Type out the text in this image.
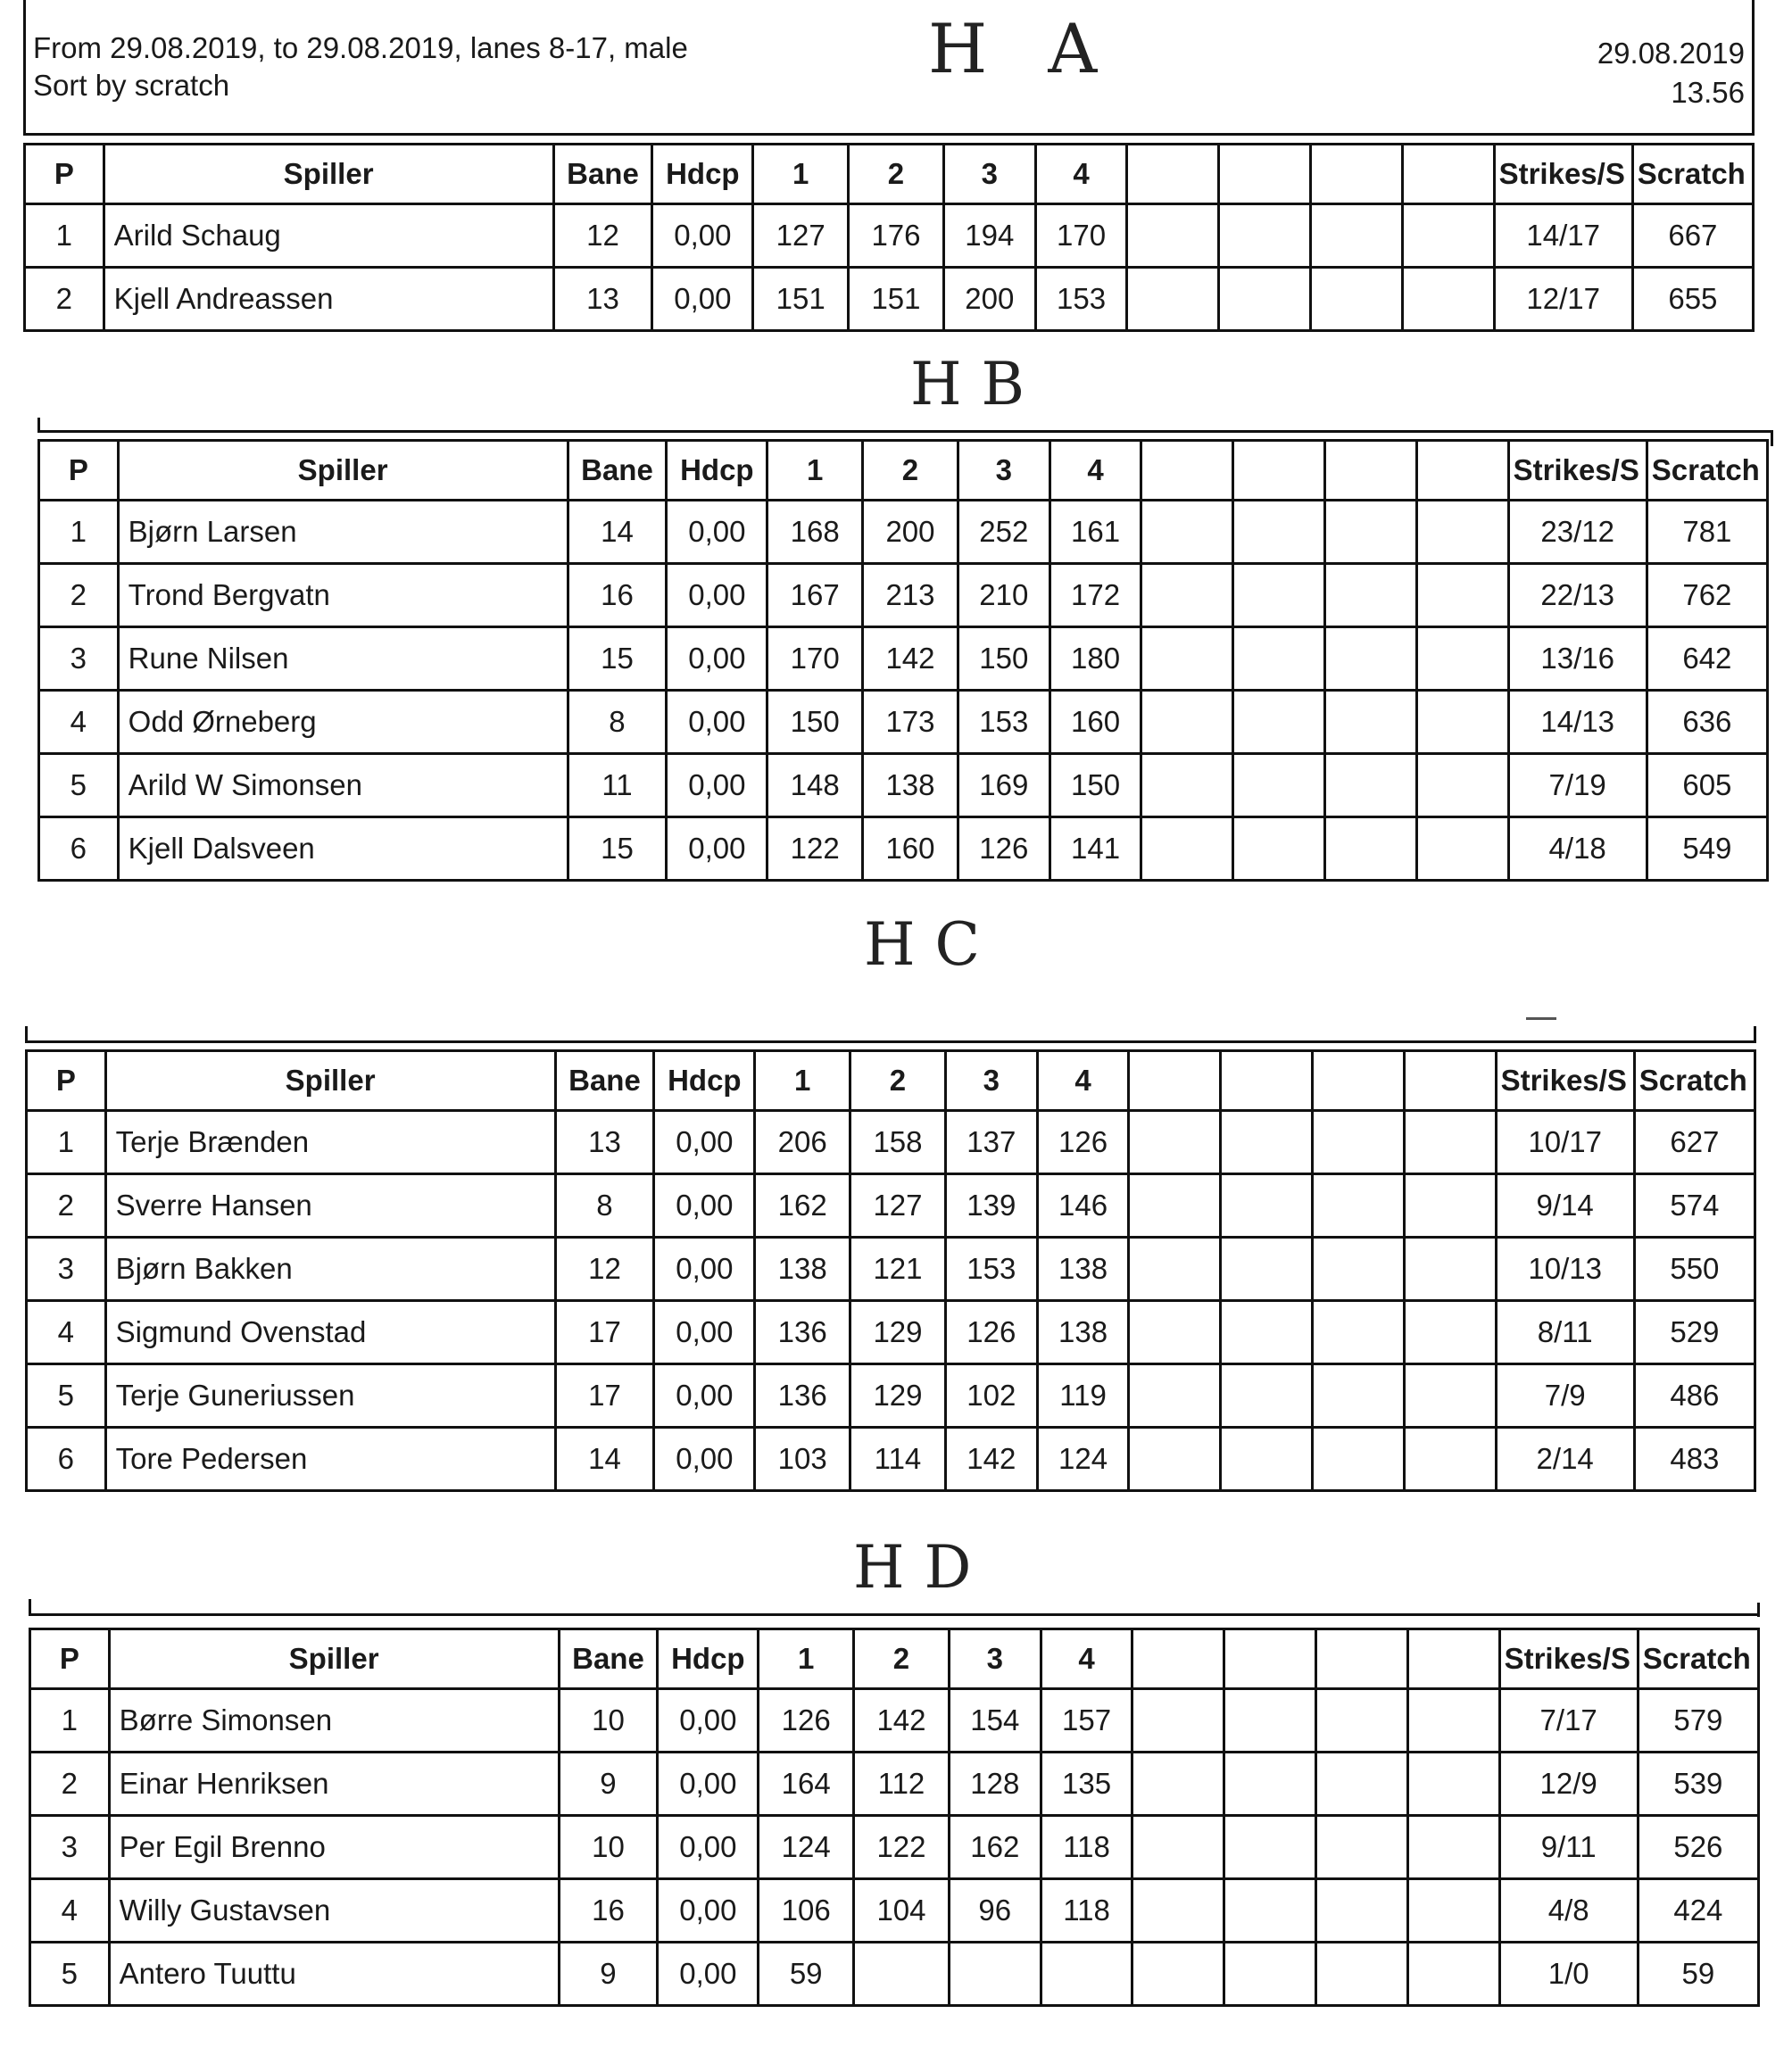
From 29.08.2019, to 29.08.2019, lanes 8-17, male
Sort by scratch
29.08.2019
13.56
H A
HB
HC
HD
P	Spiller	Bane	Hdcp	1	2	3	4					Strikes/S	Scratch
1	Arild Schaug	12	0,00	127	176	194	170					14/17	667
2	Kjell Andreassen	13	0,00	151	151	200	153					12/17	655
P	Spiller	Bane	Hdcp	1	2	3	4					Strikes/S	Scratch
1	Bjørn Larsen	14	0,00	168	200	252	161					23/12	781
2	Trond Bergvatn	16	0,00	167	213	210	172					22/13	762
3	Rune Nilsen	15	0,00	170	142	150	180					13/16	642
4	Odd Ørneberg	8	0,00	150	173	153	160					14/13	636
5	Arild W Simonsen	11	0,00	148	138	169	150					7/19	605
6	Kjell Dalsveen	15	0,00	122	160	126	141					4/18	549
P	Spiller	Bane	Hdcp	1	2	3	4					Strikes/S	Scratch
1	Terje Brænden	13	0,00	206	158	137	126					10/17	627
2	Sverre Hansen	8	0,00	162	127	139	146					9/14	574
3	Bjørn Bakken	12	0,00	138	121	153	138					10/13	550
4	Sigmund Ovenstad	17	0,00	136	129	126	138					8/11	529
5	Terje Guneriussen	17	0,00	136	129	102	119					7/9	486
6	Tore Pedersen	14	0,00	103	114	142	124					2/14	483
P	Spiller	Bane	Hdcp	1	2	3	4					Strikes/S	Scratch
1	Børre Simonsen	10	0,00	126	142	154	157					7/17	579
2	Einar Henriksen	9	0,00	164	112	128	135					12/9	539
3	Per Egil Brenno	10	0,00	124	122	162	118					9/11	526
4	Willy Gustavsen	16	0,00	106	104	96	118					4/8	424
5	Antero Tuuttu	9	0,00	59								1/0	59
